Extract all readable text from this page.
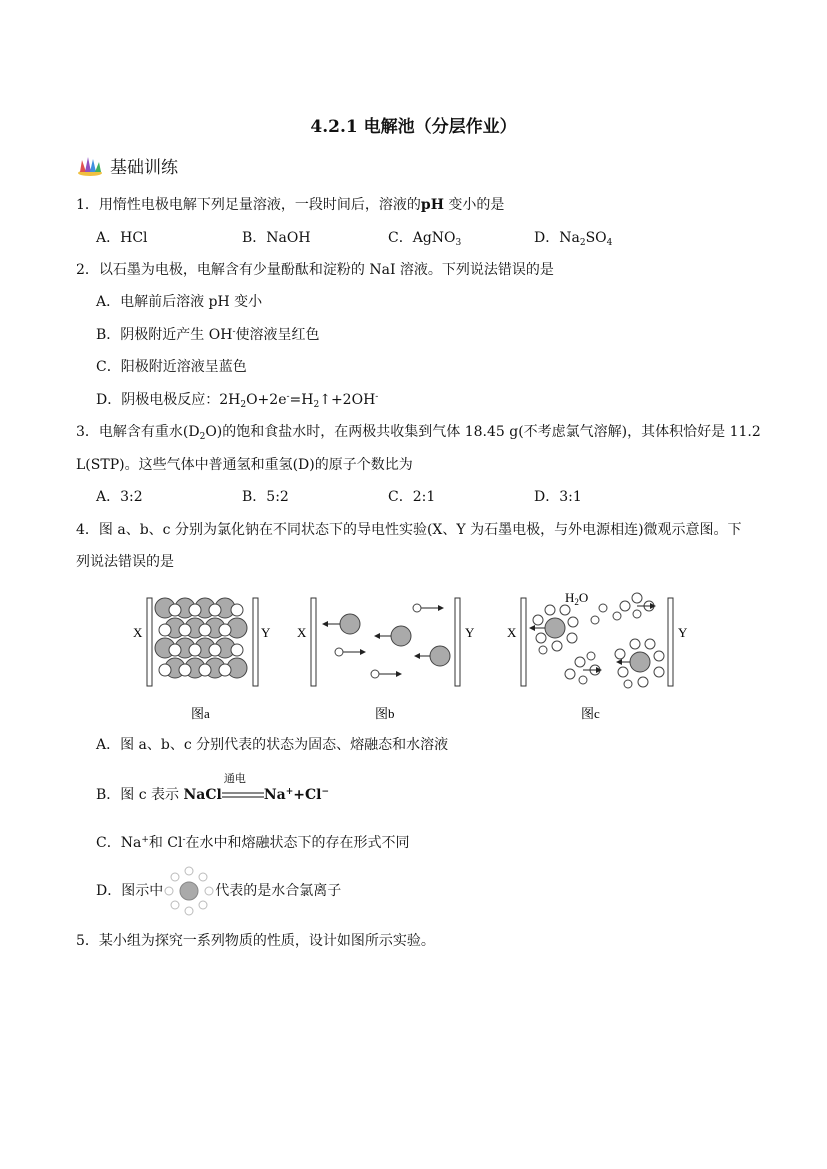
4.2.1 电解池（分层作业）
基础训练
1．用惰性电极电解下列足量溶液，一段时间后，溶液的pH 变小的是
A．HCl	B．NaOH	C．AgNO$_3$	D．$Na_2SO_4$
2．以石墨为电极，电解含有少量酚酞和淀粉的 NaI 溶液。下列说法错误的是
A．电解前后溶液 pH 变小
B．阴极附近产生 OH-使溶液呈红色
C．阳极附近溶液呈蓝色
D．阴极电极反应：$2H_2O+2e^-=H_2↑+2OH^-$
3．电解含有重水$(D_2O)$的饱和食盐水时，在两极共收集到气体 18.45 g(不考虑氯气溶解)，其体积恰好是 11.2
L(STP)。这些气体中普通氢和重氢(D)的原子个数比为
A．3:2	B．5:2	C．2:1	D．3:1
4．图 a、b、c 分别为氯化钠在不同状态下的导电性实验(X、Y 为石墨电极，与外电源相连)微观示意图。下
列说法错误的是
X	Y
图a
X	Y
图b
X	Y
$H_2O$
图c
A．图 a、b、c 分别代表的状态为固态、熔融态和水溶液
B．图 c 表示 NaCl
通电
Na++Cl−
C．Na+和 Cl-在水中和熔融状态下的存在形式不同
D．图示中	代表的是水合氯离子
5．某小组为探究一系列物质的性质，设计如图所示实验。
